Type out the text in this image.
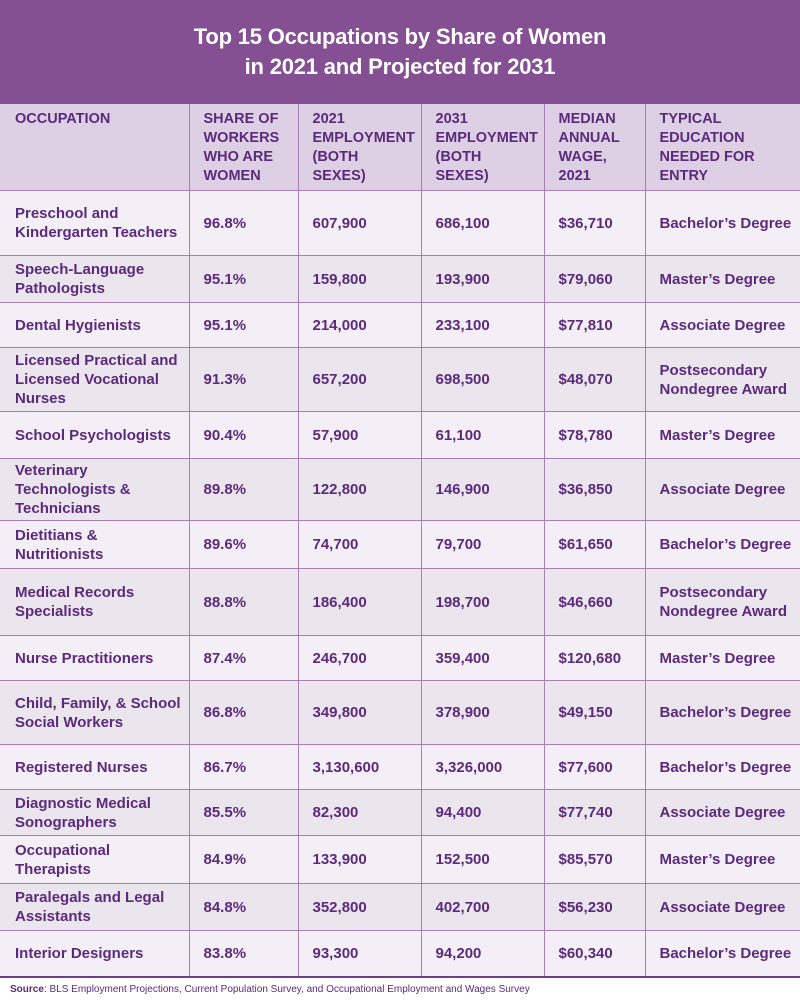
Top 15 Occupations by Share of Women
in 2021 and Projected for 2031
OCCUPATION	SHARE OF WORKERS WHO ARE WOMEN	2021 EMPLOYMENT (BOTH SEXES)	2031 EMPLOYMENT (BOTH SEXES)	MEDIAN ANNUAL WAGE, 2021	TYPICAL EDUCATION NEEDED FOR ENTRY
Preschool and Kindergarten Teachers	96.8%	607,900	686,100	$36,710	Bachelor’s Degree
Speech-Language Pathologists	95.1%	159,800	193,900	$79,060	Master’s Degree
Dental Hygienists	95.1%	214,000	233,100	$77,810	Associate Degree
Licensed Practical and Licensed Vocational Nurses	91.3%	657,200	698,500	$48,070	Postsecondary Nondegree Award
School Psychologists	90.4%	57,900	61,100	$78,780	Master’s Degree
Veterinary Technologists & Technicians	89.8%	122,800	146,900	$36,850	Associate Degree
Dietitians & Nutritionists	89.6%	74,700	79,700	$61,650	Bachelor’s Degree
Medical Records Specialists	88.8%	186,400	198,700	$46,660	Postsecondary Nondegree Award
Nurse Practitioners	87.4%	246,700	359,400	$120,680	Master’s Degree
Child, Family, & School Social Workers	86.8%	349,800	378,900	$49,150	Bachelor’s Degree
Registered Nurses	86.7%	3,130,600	3,326,000	$77,600	Bachelor’s Degree
Diagnostic Medical Sonographers	85.5%	82,300	94,400	$77,740	Associate Degree
Occupational Therapists	84.9%	133,900	152,500	$85,570	Master’s Degree
Paralegals and Legal Assistants	84.8%	352,800	402,700	$56,230	Associate Degree
Interior Designers	83.8%	93,300	94,200	$60,340	Bachelor’s Degree
Source: BLS Employment Projections, Current Population Survey, and Occupational Employment and Wages Survey
